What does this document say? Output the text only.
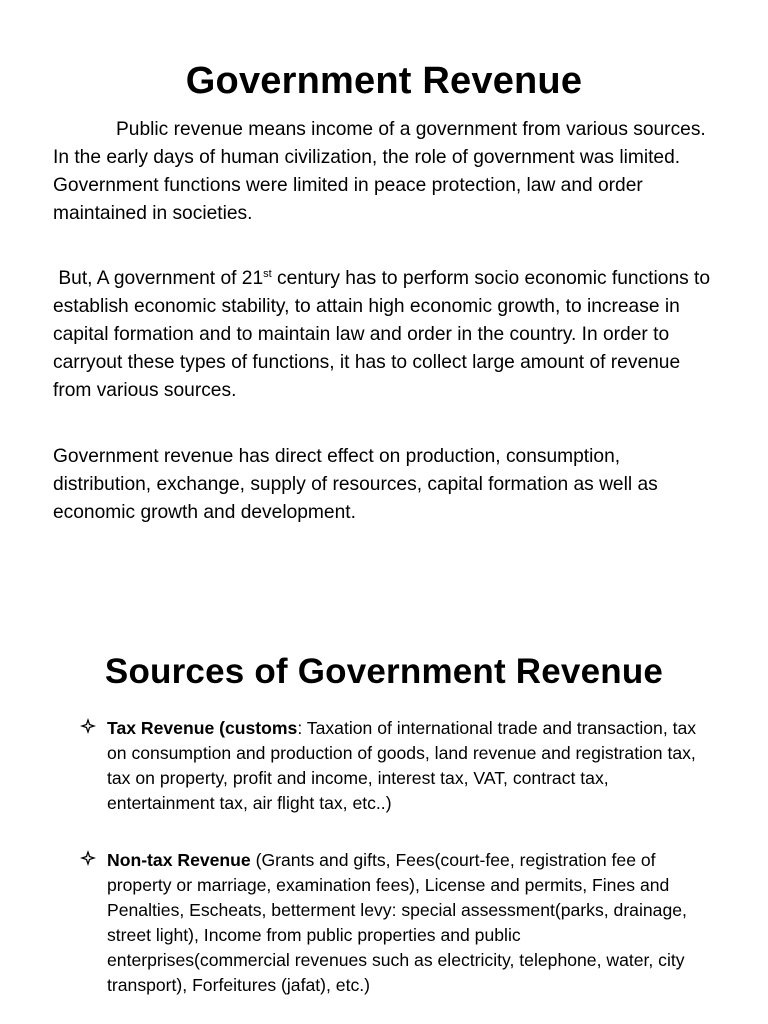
Government Revenue

Public revenue means income of a government from various sources. In the early days of human civilization, the role of government was limited. Government functions were limited in peace protection, law and order maintained in societies.

But, A government of 21st century has to perform socio economic functions to establish economic stability, to attain high economic growth, to increase in capital formation and to maintain law and order in the country. In order to carryout these types of functions, it has to collect large amount of revenue from various sources.

Government revenue has direct effect on production, consumption, distribution, exchange, supply of resources, capital formation as well as economic growth and development.

Sources of Government Revenue
Tax Revenue (customs: Taxation of international trade and transaction, tax on consumption and production of goods, land revenue and registration tax, tax on property, profit and income, interest tax, VAT, contract tax, entertainment tax, air flight tax, etc..)
Non-tax Revenue (Grants and gifts, Fees(court-fee, registration fee of property or marriage, examination fees), License and permits, Fines and Penalties, Escheats, betterment levy: special assessment(parks, drainage, street light), Income from public properties and public enterprises(commercial revenues such as electricity, telephone, water, city transport), Forfeitures (jafat), etc.)
